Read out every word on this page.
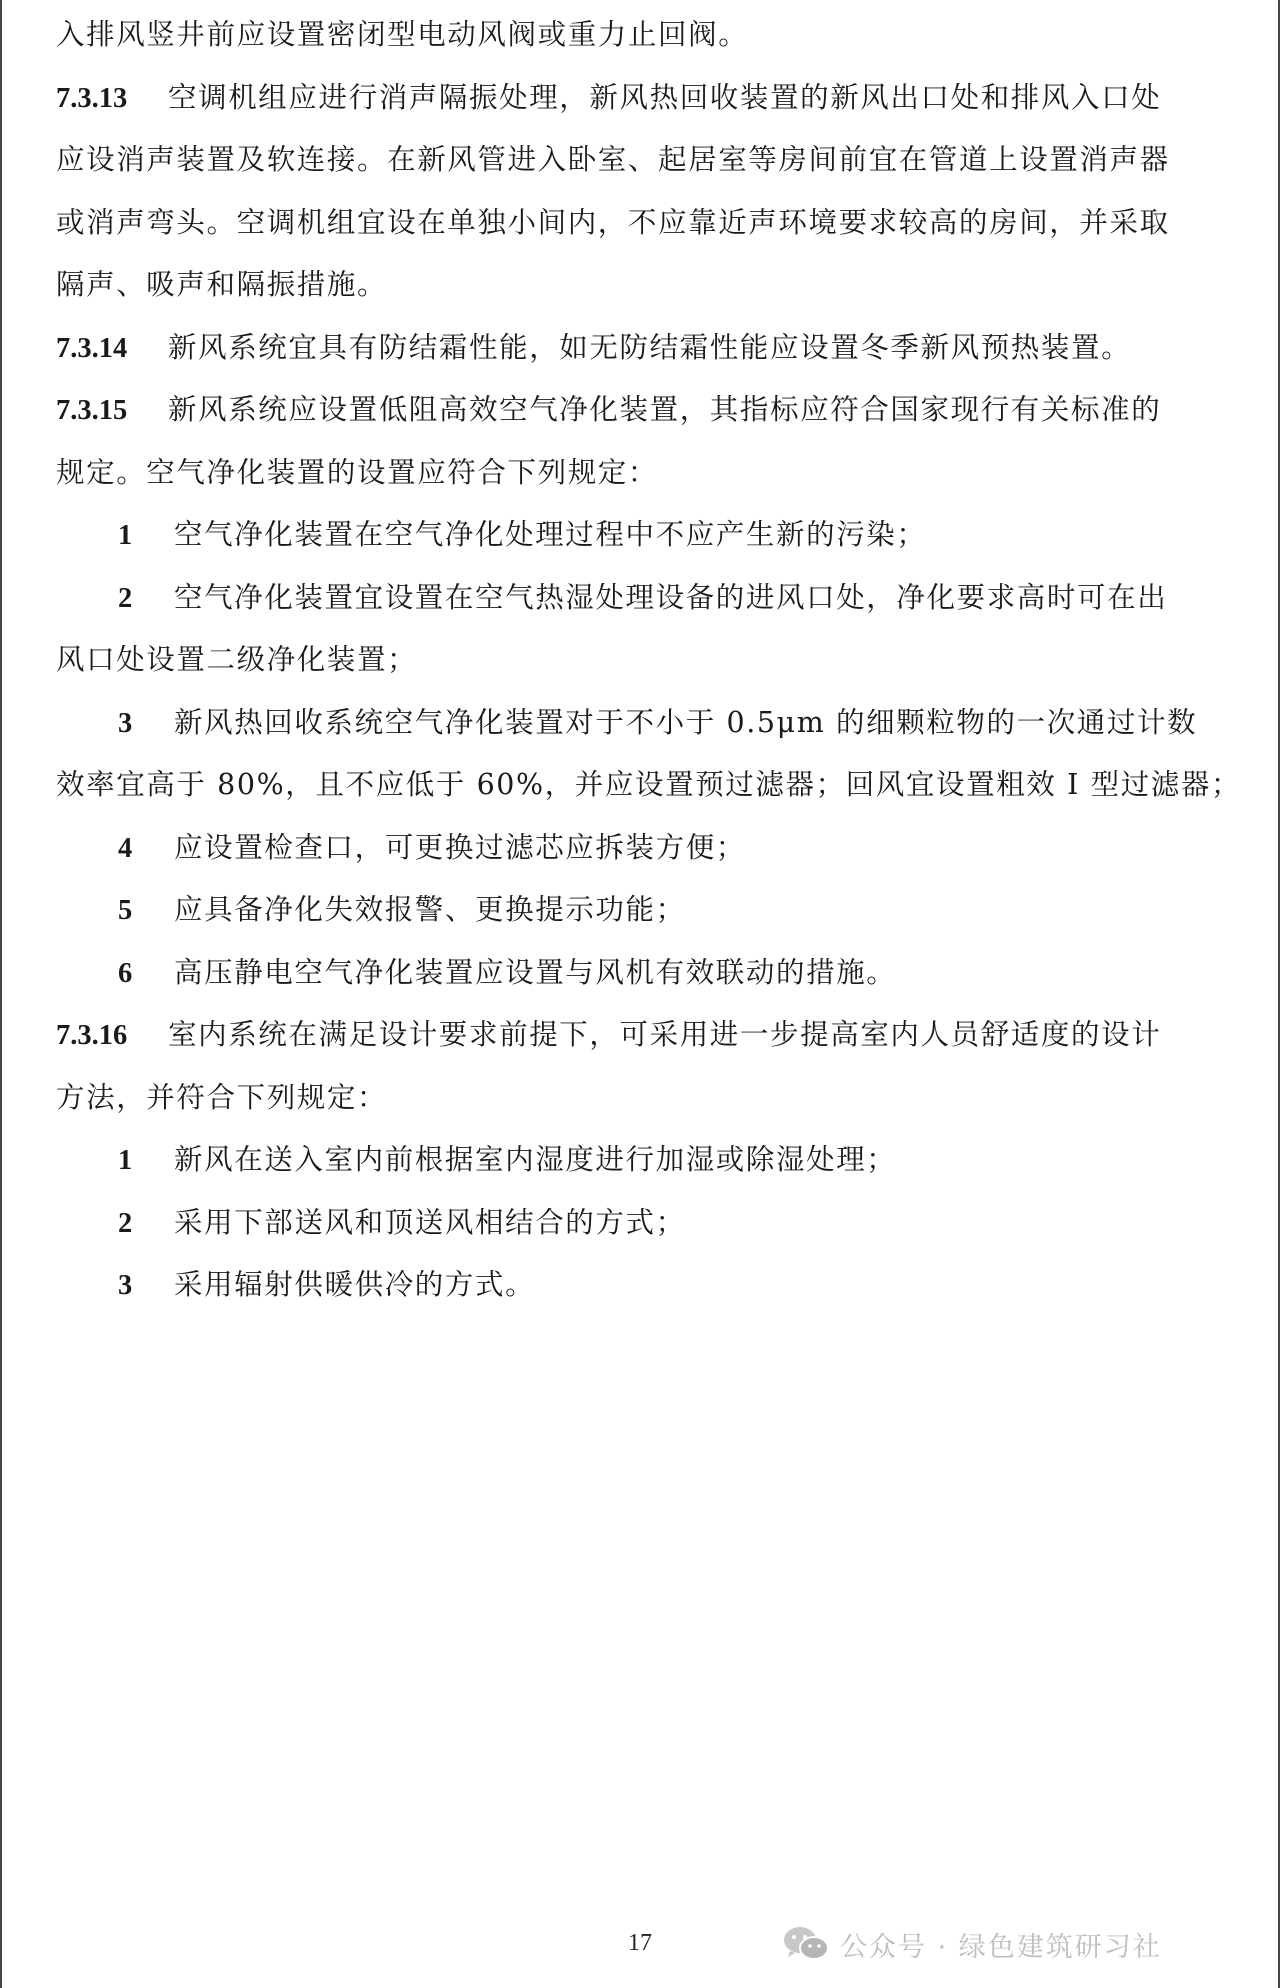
入排风竖井前应设置密闭型电动风阀或重力止回阀。
7.3.13 空调机组应进行消声隔振处理，新风热回收装置的新风出口处和排风入口处
应设消声装置及软连接。在新风管进入卧室、起居室等房间前宜在管道上设置消声器
或消声弯头。空调机组宜设在单独小间内，不应靠近声环境要求较高的房间，并采取
隔声、吸声和隔振措施。
7.3.14 新风系统宜具有防结霜性能，如无防结霜性能应设置冬季新风预热装置。
7.3.15 新风系统应设置低阻高效空气净化装置，其指标应符合国家现行有关标准的
规定。空气净化装置的设置应符合下列规定：
1 空气净化装置在空气净化处理过程中不应产生新的污染；
2 空气净化装置宜设置在空气热湿处理设备的进风口处，净化要求高时可在出
风口处设置二级净化装置；
3 新风热回收系统空气净化装置对于不小于 0.5μm 的细颗粒物的一次通过计数
效率宜高于 80%，且不应低于 60%，并应设置预过滤器；回风宜设置粗效 I 型过滤器；
4 应设置检查口，可更换过滤芯应拆装方便；
5 应具备净化失效报警、更换提示功能；
6 高压静电空气净化装置应设置与风机有效联动的措施。
7.3.16 室内系统在满足设计要求前提下，可采用进一步提高室内人员舒适度的设计
方法，并符合下列规定：
1 新风在送入室内前根据室内湿度进行加湿或除湿处理；
2 采用下部送风和顶送风相结合的方式；
3 采用辐射供暖供冷的方式。
17	公众号 · 绿色建筑研习社
